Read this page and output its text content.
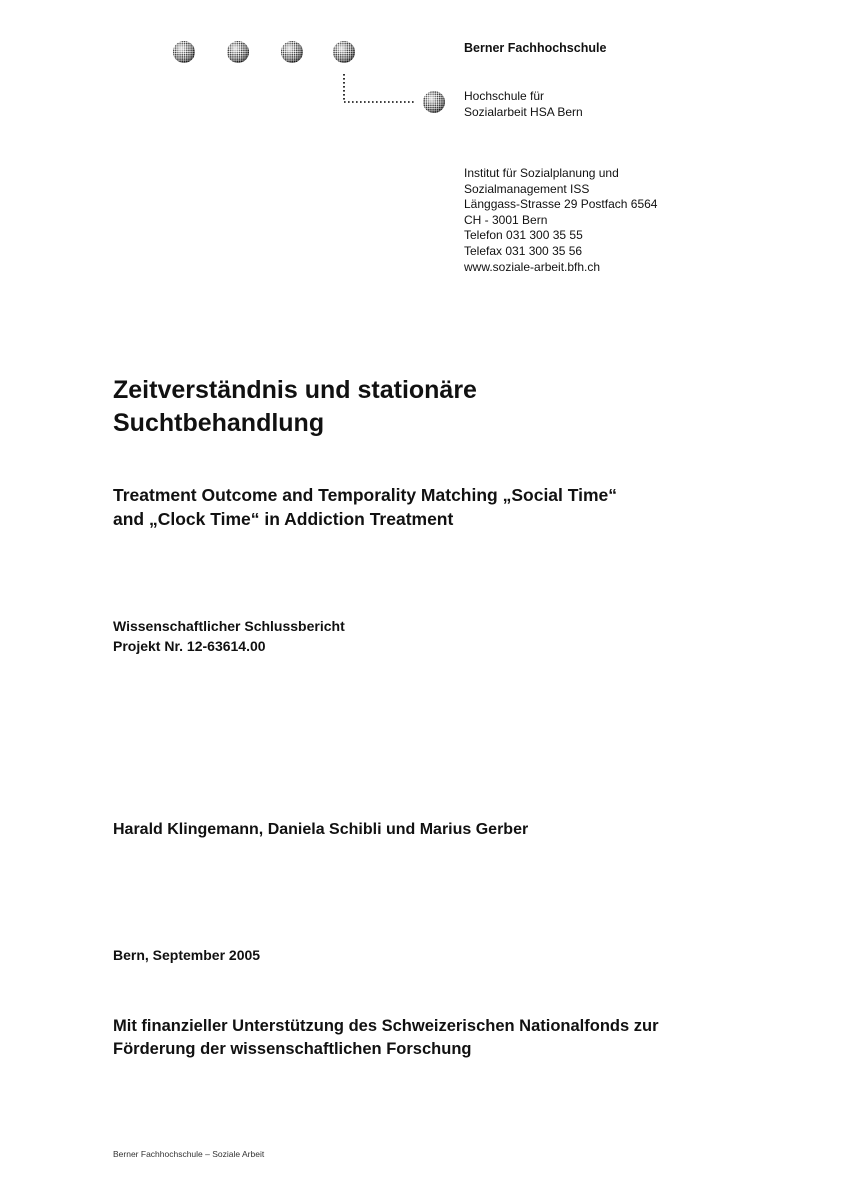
Berner Fachhochschule
Hochschule für
Sozialarbeit HSA Bern
Institut für Sozialplanung und
Sozialmanagement ISS
Länggass-Strasse 29 Postfach 6564
CH - 3001 Bern
Telefon 031 300 35 55
Telefax 031 300 35 56
www.soziale-arbeit.bfh.ch
Zeitverständnis und stationäre
Suchtbehandlung
Treatment Outcome and Temporality Matching „Social Time“
and „Clock Time“ in Addiction Treatment
Wissenschaftlicher Schlussbericht
Projekt Nr. 12-63614.00
Harald Klingemann, Daniela Schibli und Marius Gerber
Bern, September 2005
Mit finanzieller Unterstützung des Schweizerischen Nationalfonds zur
Förderung der wissenschaftlichen Forschung
Berner Fachhochschule – Soziale Arbeit
